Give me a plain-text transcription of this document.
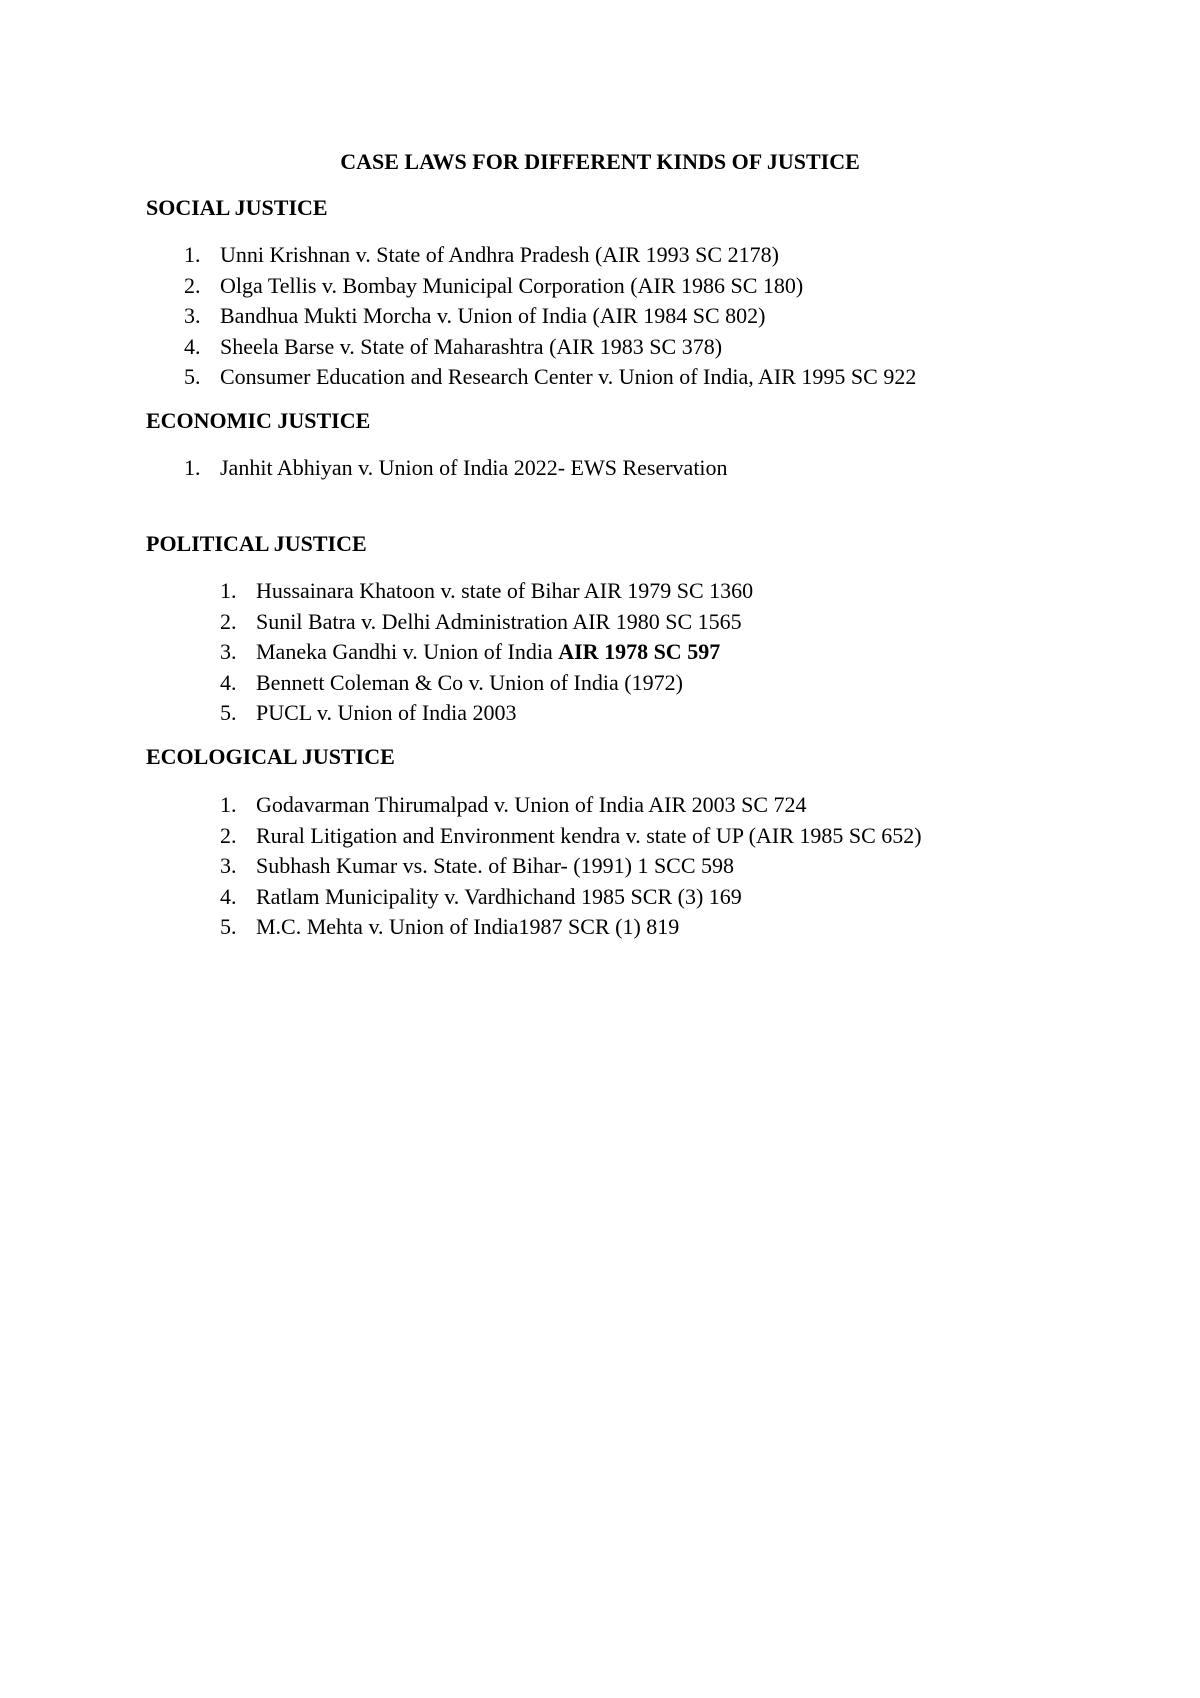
CASE LAWS FOR DIFFERENT KINDS OF JUSTICE
SOCIAL JUSTICE
1. Unni Krishnan v. State of Andhra Pradesh (AIR 1993 SC 2178)
2. Olga Tellis v. Bombay Municipal Corporation (AIR 1986 SC 180)
3. Bandhua Mukti Morcha v. Union of India (AIR 1984 SC 802)
4. Sheela Barse v. State of Maharashtra (AIR 1983 SC 378)
5. Consumer Education and Research Center v. Union of India, AIR 1995 SC 922
ECONOMIC JUSTICE
1. Janhit Abhiyan v. Union of India 2022- EWS Reservation
POLITICAL JUSTICE
1. Hussainara Khatoon v. state of Bihar AIR 1979 SC 1360
2. Sunil Batra v. Delhi Administration AIR 1980 SC 1565
3. Maneka Gandhi v. Union of India AIR 1978 SC 597
4. Bennett Coleman & Co v. Union of India (1972)
5. PUCL v. Union of India 2003
ECOLOGICAL JUSTICE
1. Godavarman Thirumalpad v. Union of India AIR 2003 SC 724
2. Rural Litigation and Environment kendra v. state of UP (AIR 1985 SC 652)
3. Subhash Kumar vs. State. of Bihar- (1991) 1 SCC 598
4. Ratlam Municipality v. Vardhichand 1985 SCR (3) 169
5. M.C. Mehta v. Union of India1987 SCR (1) 819
